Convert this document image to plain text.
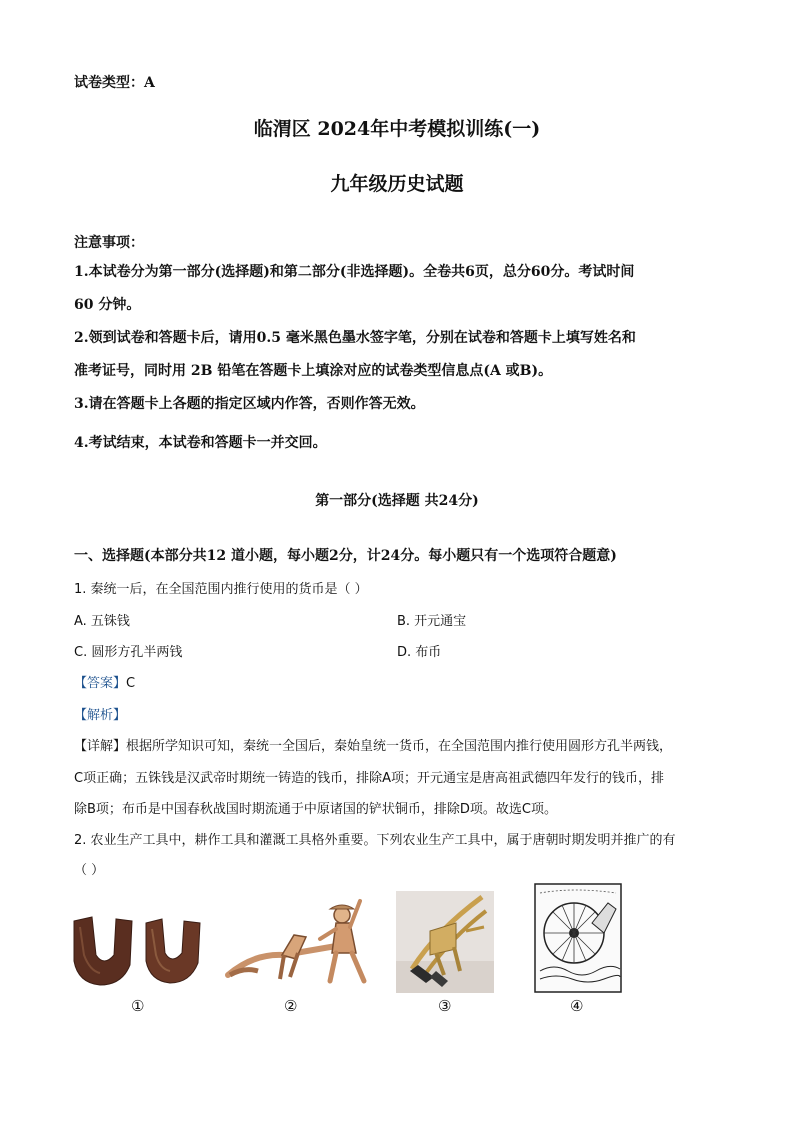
试卷类型：A
临渭区 2024年中考模拟训练(一)
九年级历史试题
注意事项：
1.本试卷分为第一部分(选择题)和第二部分(非选择题)。全卷共6页，总分60分。考试时间
60 分钟。
2.领到试卷和答题卡后，请用0.5 毫米黑色墨水签字笔，分别在试卷和答题卡上填写姓名和
准考证号，同时用 2B 铅笔在答题卡上填涂对应的试卷类型信息点(A 或B)。
3.请在答题卡上各题的指定区域内作答，否则作答无效。
4.考试结束，本试卷和答题卡一并交回。
第一部分(选择题 共24分)
一、选择题(本部分共12 道小题，每小题2分，计24分。每小题只有一个选项符合题意)
1. 秦统一后，在全国范围内推行使用的货币是（ ）
A. 五铢钱	B. 开元通宝
C. 圆形方孔半两钱	D. 布币
【答案】C
【解析】
【详解】根据所学知识可知，秦统一全国后，秦始皇统一货币，在全国范围内推行使用圆形方孔半两钱，
C项正确；五铢钱是汉武帝时期统一铸造的钱币，排除A项；开元通宝是唐高祖武德四年发行的钱币，排
除B项；布币是中国春秋战国时期流通于中原诸国的铲状铜币，排除D项。故选C项。
2. 农业生产工具中，耕作工具和灌溉工具格外重要。下列农业生产工具中，属于唐朝时期发明并推广的有
（ ）
①	②	③	④
